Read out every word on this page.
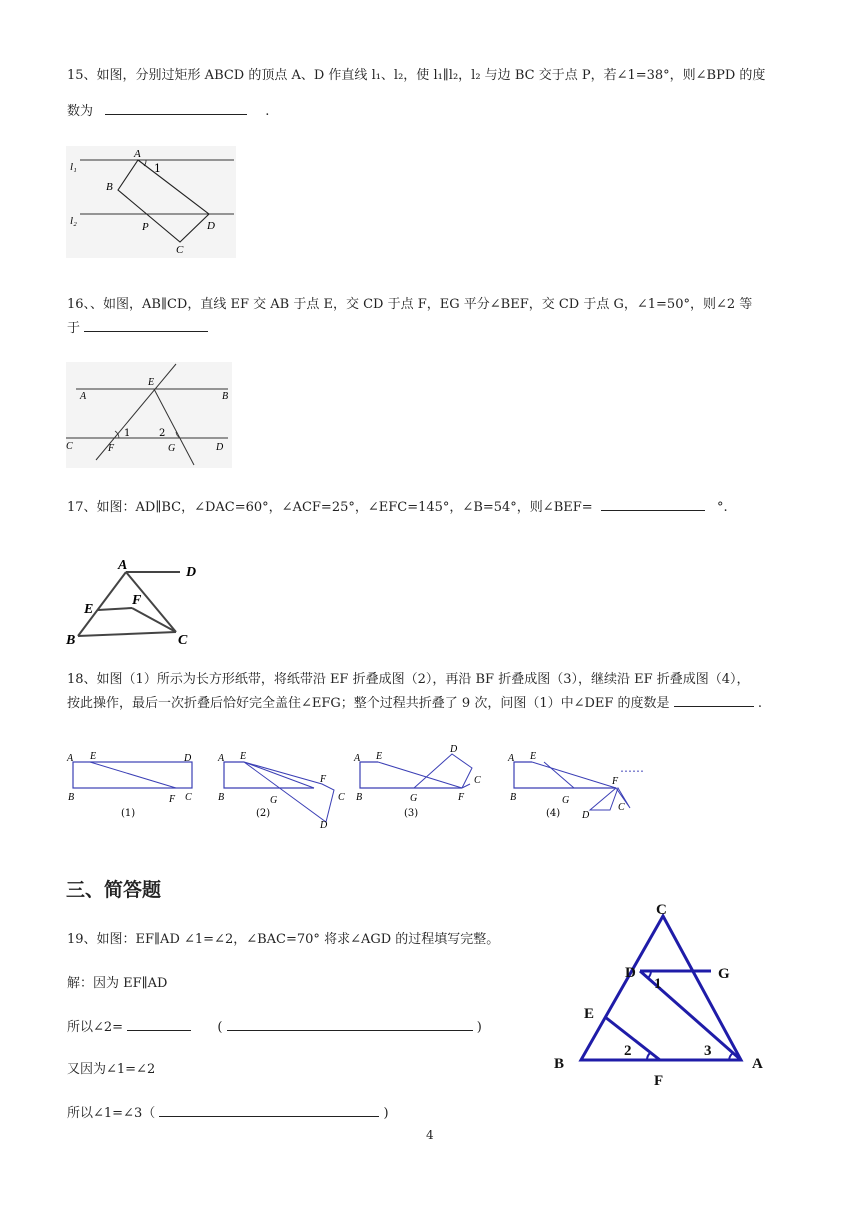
15、如图，分别过矩形 ABCD 的顶点 A、D 作直线 l₁、l₂，使 l₁∥l₂，l₂ 与边 BC 交于点 P，若∠1=38°，则∠BPD 的度
数为	.
l₁
l₂
A
1
B
P	D
C
16、、如图，AB∥CD，直线 EF 交 AB 于点 E，交 CD 于点 F，EG 平分∠BEF，交 CD 于点 G，∠1=50°，则∠2 等
于
A	B
E
1	2
C	F	G	D
17、如图：AD∥BC，∠DAC=60°，∠ACF=25°，∠EFC=145°，∠B=54°，则∠BEF=	°.
A	D
F
E
B	C
18、如图（1）所示为长方形纸带，将纸带沿 EF 折叠成图（2），再沿 BF 折叠成图（3），继续沿 EF 折叠成图（4），
按此操作，最后一次折叠后恰好完全盖住∠EFG；整个过程共折叠了 9 次，问图（1）中∠DEF 的度数是	.
A E	D
B	F C
(1)
A E
F
C
B	G
D
(2)
A E
D
C
F
B	G
(3)
A E
F
B	G
D
C
(4)
……
三、简答题
19、如图：EF∥AD ∠1=∠2，∠BAC=70° 将求∠AGD 的过程填写完整。
解：因为 EF∥AD
所以∠2=	(	)
又因为∠1=∠2
所以∠1=∠3（	)
C
D	G
1
E
2	3
B	A
F
4
